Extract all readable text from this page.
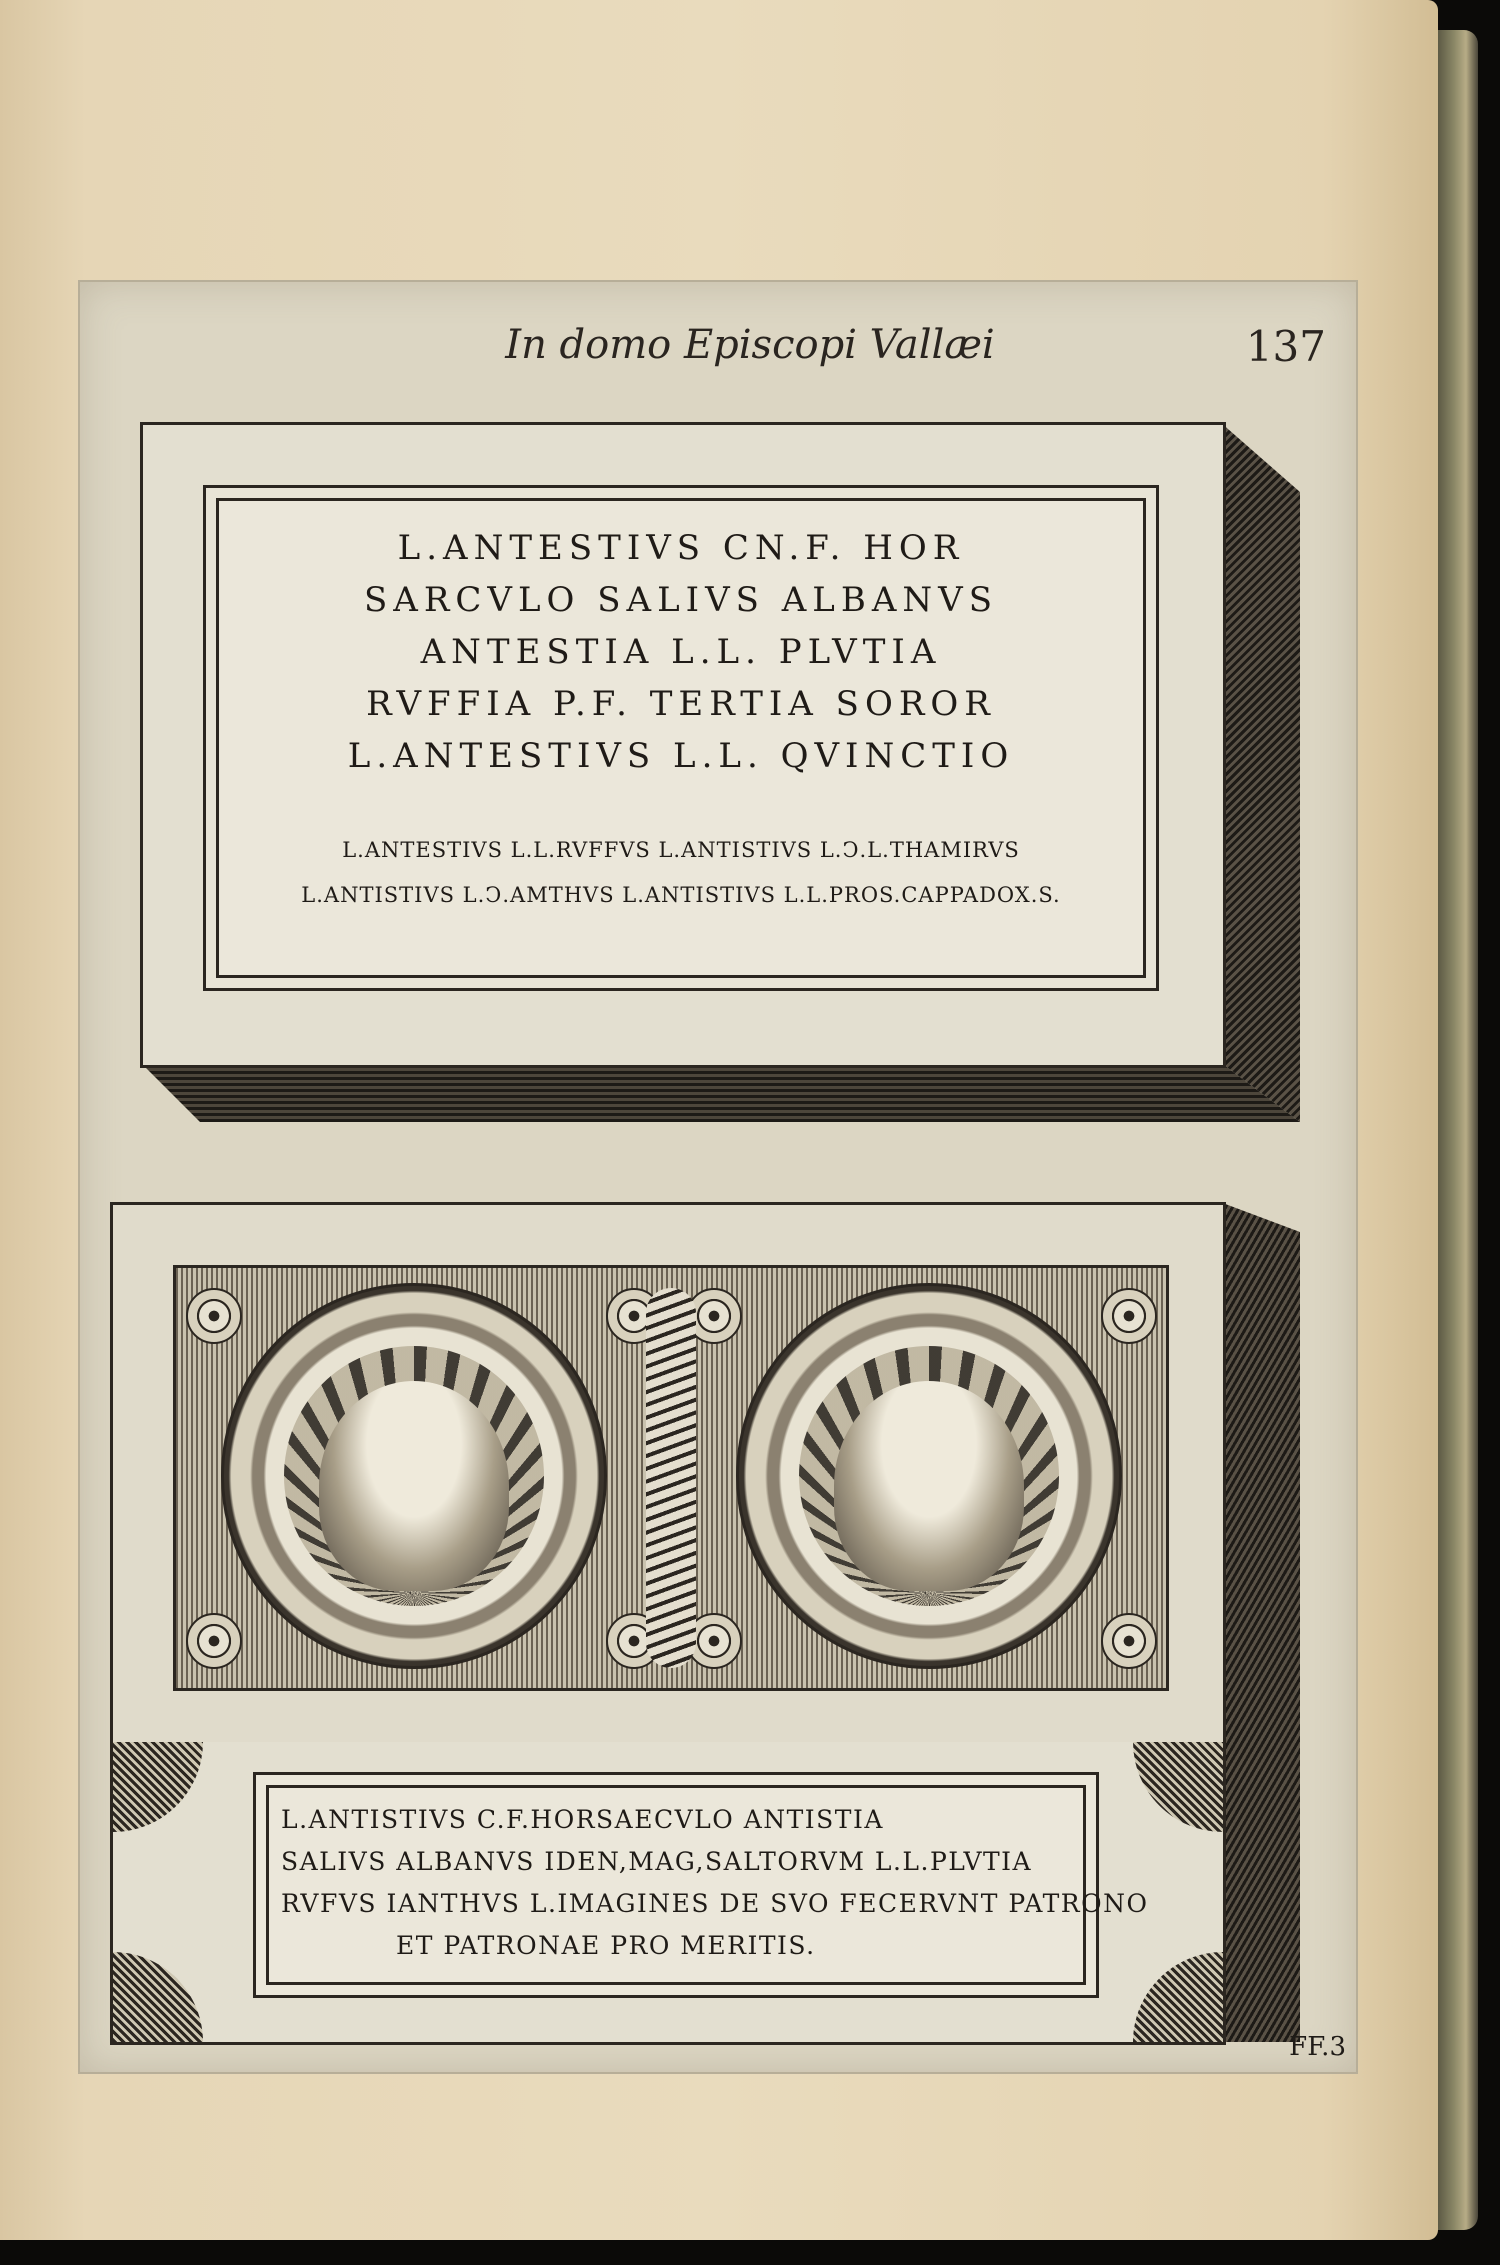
In domo Episcopi Vallæi	137
L.ANTESTIVS CN.F. HOR
SARCVLO SALIVS ALBANVS
ANTESTIA L.L. PLVTIA
RVFFIA P.F. TERTIA SOROR
L.ANTESTIVS L.L. QVINCTIO
L.ANTESTIVS L.L.RVFFVS L.ANTISTIVS L.Ↄ.L.THAMIRVS
L.ANTISTIVS L.Ↄ.AMTHVS L.ANTISTIVS L.L.PROS.CAPPADOX.S.
L.ANTISTIVS C.F.HORSAECVLO ANTISTIA
SALIVS ALBANVS IDEN,MAG,SALTORVM L.L.PLVTIA
RVFVS IANTHVS L.IMAGINES DE SVO FECERVNT PATRONO
ET PATRONAE PRO MERITIS.
FF.3
